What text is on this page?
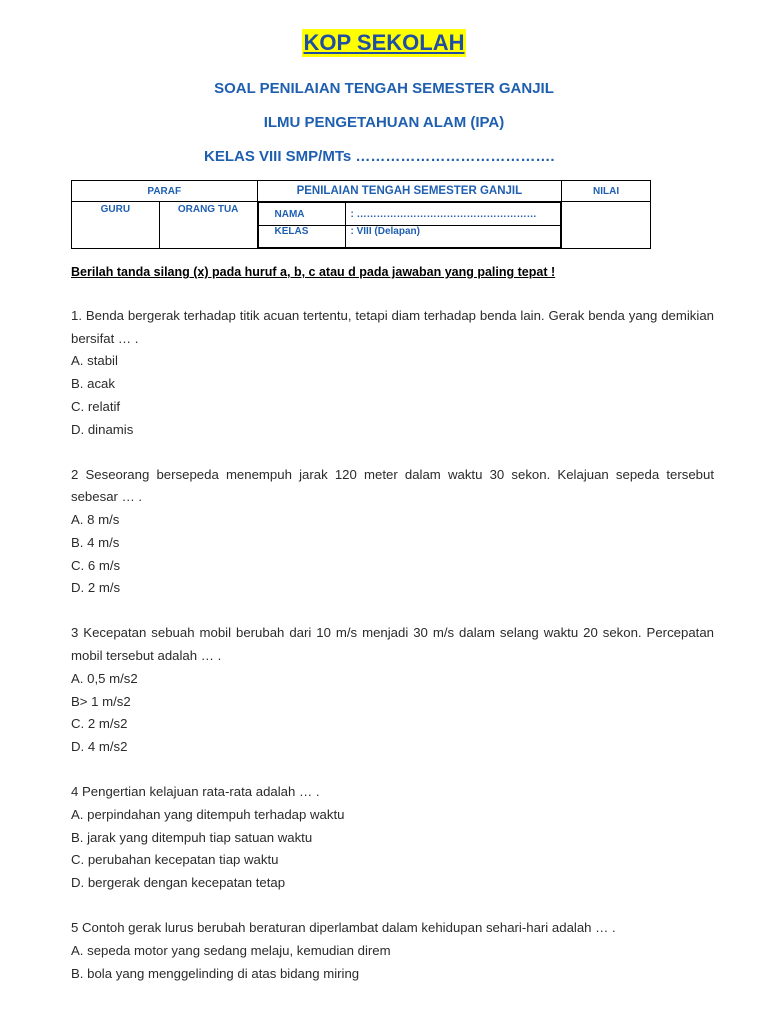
KOP SEKOLAH
SOAL PENILAIAN TENGAH SEMESTER GANJIL
ILMU PENGETAHUAN ALAM (IPA)
KELAS VIII SMP/MTs ………………………………….
PARAF	PENILAIAN TENGAH SEMESTER GANJIL	NILAI
GURU	ORANG TUA		NAMA	: ………………………………………………
KELAS	: VIII (Delapan)

Berilah tanda silang (x) pada huruf a, b, c atau d pada jawaban yang paling tepat !
1. Benda bergerak terhadap titik acuan tertentu, tetapi diam terhadap benda lain. Gerak benda yang demikian bersifat … .
A. stabil
B. acak
C. relatif
D. dinamis
2 Seseorang bersepeda menempuh jarak 120 meter dalam waktu 30 sekon. Kelajuan sepeda tersebut sebesar … .
A. 8 m/s
B. 4 m/s
C. 6 m/s
D. 2 m/s
3 Kecepatan sebuah mobil berubah dari 10 m/s menjadi 30 m/s dalam selang waktu 20 sekon. Percepatan mobil tersebut adalah … .
A. 0,5 m/s2
B> 1 m/s2
C. 2 m/s2
D. 4 m/s2
4 Pengertian kelajuan rata-rata adalah … .
A. perpindahan yang ditempuh terhadap waktu
B. jarak yang ditempuh tiap satuan waktu
C. perubahan kecepatan tiap waktu
D. bergerak dengan kecepatan tetap
5 Contoh gerak lurus berubah beraturan diperlambat dalam kehidupan sehari-hari adalah … .
A. sepeda motor yang sedang melaju, kemudian direm
B. bola yang menggelinding di atas bidang miring
